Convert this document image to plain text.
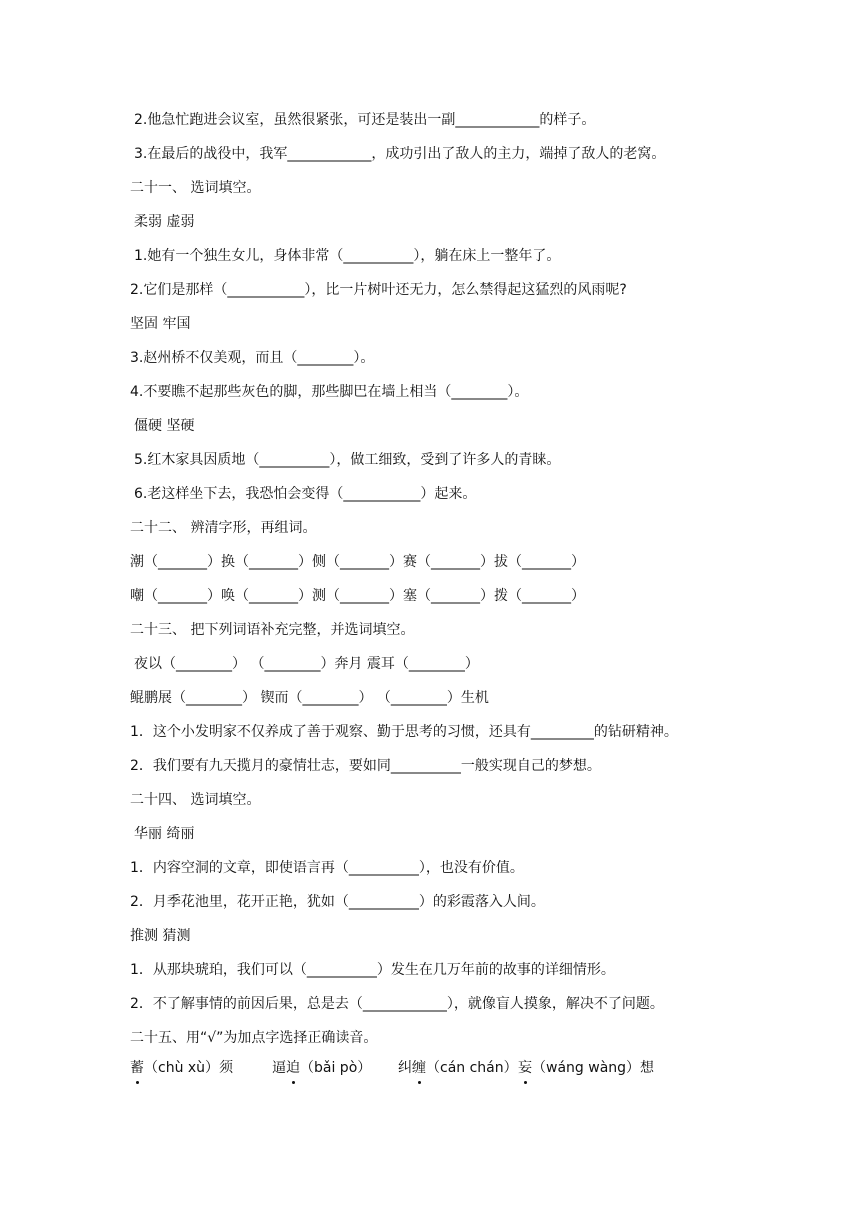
2.他急忙跑进会议室，虽然很紧张，可还是装出一副____________的样子。
3.在最后的战役中，我军____________，成功引出了敌人的主力，端掉了敌人的老窝。
二十一、 选词填空。
柔弱 虚弱
1.她有一个独生女儿，身体非常（__________），躺在床上一整年了。
2.它们是那样（___________），比一片树叶还无力，怎么禁得起这猛烈的风雨呢?
坚固 牢国
3.赵州桥不仅美观，而且（________）。
4.不要瞧不起那些灰色的脚，那些脚巴在墙上相当（________）。
僵硬 坚硬
5.红木家具因质地（__________），做工细致，受到了许多人的青睐。
6.老这样坐下去，我恐怕会变得（___________）起来。
二十二、 辨清字形，再组词。
潮（_______）换（_______）侧（_______）赛（_______）拔（_______）
嘲（_______）唤（_______）测（_______）塞（_______）拨（_______）
二十三、 把下列词语补充完整，并选词填空。
夜以（________） （________）奔月 震耳（________）
鲲鹏展（________） 锲而（________） （________）生机
1．这个小发明家不仅养成了善于观察、勤于思考的习惯，还具有_________的钻研精神。
2．我们要有九天揽月的豪情壮志，要如同__________一般实现自己的梦想。
二十四、 选词填空。
华丽 绮丽
1．内容空洞的文章，即使语言再（__________），也没有价值。
2．月季花池里，花开正艳，犹如（__________）的彩霞落入人间。
推测 猜测
1．从那块琥珀，我们可以（__________）发生在几万年前的故事的详细情形。
2．不了解事情的前因后果，总是去（____________），就像盲人摸象，解决不了问题。
二十五、用“√”为加点字选择正确读音。
蓄（chù xù）须	逼迫（bǎi pò） 纠缠（cán chán） 妄（wáng wàng）想
